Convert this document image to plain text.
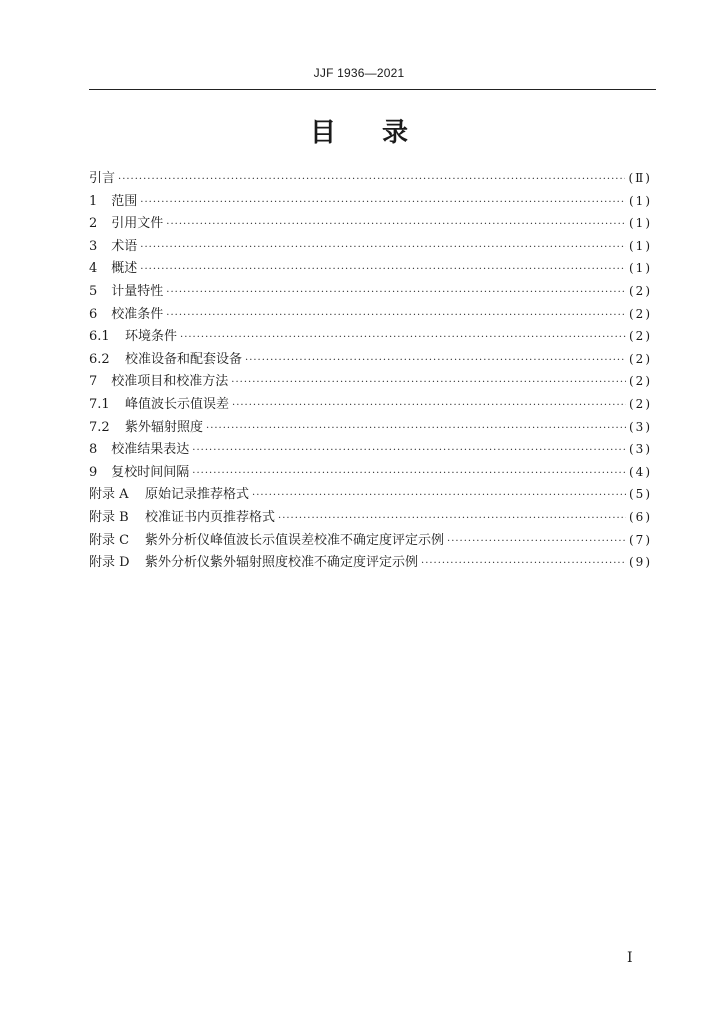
JJF 1936—2021
目录
引言 ·····	(Ⅱ)
1 范围 ·····	(1)
2 引用文件 ·····	(1)
3 术语 ·····	(1)
4 概述 ·····	(1)
5 计量特性 ·····	(2)
6 校准条件 ·····	(2)
6.1 环境条件 ·····	(2)
6.2 校准设备和配套设备 ·····	(2)
7 校准项目和校准方法 ·····	(2)
7.1 峰值波长示值误差 ·····	(2)
7.2 紫外辐射照度 ·····	(3)
8 校准结果表达 ·····	(3)
9 复校时间间隔 ·····	(4)
附录 A	原始记录推荐格式 ·····	(5)
附录 B	校准证书内页推荐格式 ·····	(6)
附录 C	紫外分析仪峰值波长示值误差校准不确定度评定示例 ·····	(7)
附录 D	紫外分析仪紫外辐射照度校准不确定度评定示例 ·····	(9)
I
